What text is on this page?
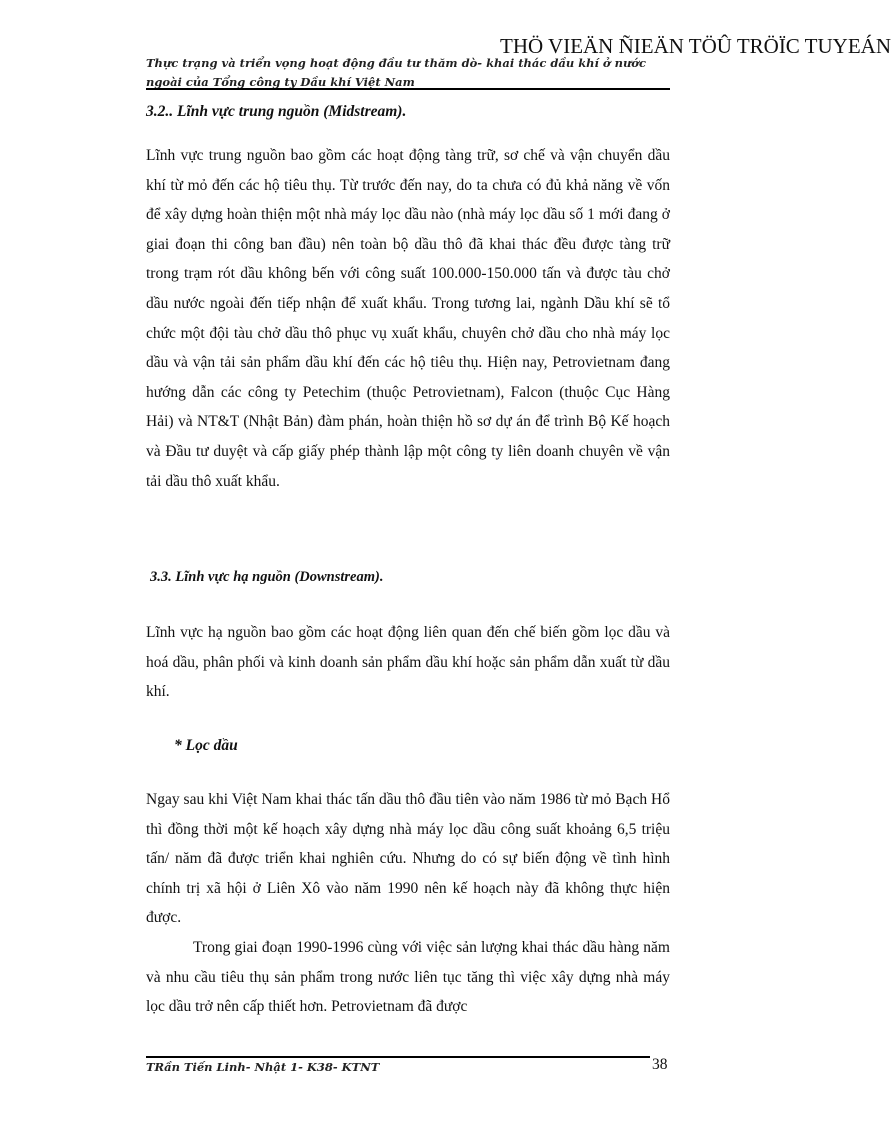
THÖ VIEÄN ÑIEÄN TÖÛ TRÖÏC TUYEÁN
Thực trạng và triển vọng hoạt động đầu tư thăm dò- khai thác dầu khí ở nước ngoài của Tổng công ty Dầu khí Việt Nam
3.2.. Lĩnh vực trung nguồn (Midstream).

Lĩnh vực trung nguồn bao gồm các hoạt động tàng trữ, sơ chế và vận chuyển dầu khí từ mỏ đến các hộ tiêu thụ. Từ trước đến nay, do ta chưa có đủ khả năng về vốn để xây dựng hoàn thiện một nhà máy lọc dầu nào (nhà máy lọc dầu số 1 mới đang ở giai đoạn thi công ban đầu) nên toàn bộ dầu thô đã khai thác đều được tàng trữ trong trạm rót dầu không bến với công suất 100.000-150.000 tấn và được tàu chở dầu nước ngoài đến tiếp nhận để xuất khẩu. Trong tương lai, ngành Dầu khí sẽ tổ chức một đội tàu chở dầu thô phục vụ xuất khẩu, chuyên chở dầu cho nhà máy lọc dầu và vận tải sản phẩm dầu khí đến các hộ tiêu thụ. Hiện nay, Petrovietnam đang hướng dẫn các công ty Petechim (thuộc Petrovietnam), Falcon (thuộc Cục Hàng Hải) và NT&T (Nhật Bản) đàm phán, hoàn thiện hồ sơ dự án để trình Bộ Kế hoạch và Đầu tư duyệt và cấp giấy phép thành lập một công ty liên doanh chuyên về vận tải dầu thô xuất khẩu.

3.3. Lĩnh vực hạ nguồn (Downstream).

Lĩnh vực hạ nguồn bao gồm các hoạt động liên quan đến chế biến gồm lọc dầu và hoá dầu, phân phối và kinh doanh sản phẩm dầu khí hoặc sản phẩm dẫn xuất từ dầu khí.

* Lọc dầu

Ngay sau khi Việt Nam khai thác tấn dầu thô đầu tiên vào năm 1986 từ mỏ Bạch Hổ thì đồng thời một kế hoạch xây dựng nhà máy lọc dầu công suất khoảng 6,5 triệu tấn/ năm đã được triển khai nghiên cứu. Nhưng do có sự biến động về tình hình chính trị xã hội ở Liên Xô vào năm 1990 nên kế hoạch này đã không thực hiện được.

Trong giai đoạn 1990-1996 cùng với việc sản lượng khai thác dầu hàng năm và nhu cầu tiêu thụ sản phẩm trong nước liên tục tăng thì việc xây dựng nhà máy lọc dầu trở nên cấp thiết hơn. Petrovietnam đã được

TRần Tiến Linh- Nhật 1- K38- KTNT	38
